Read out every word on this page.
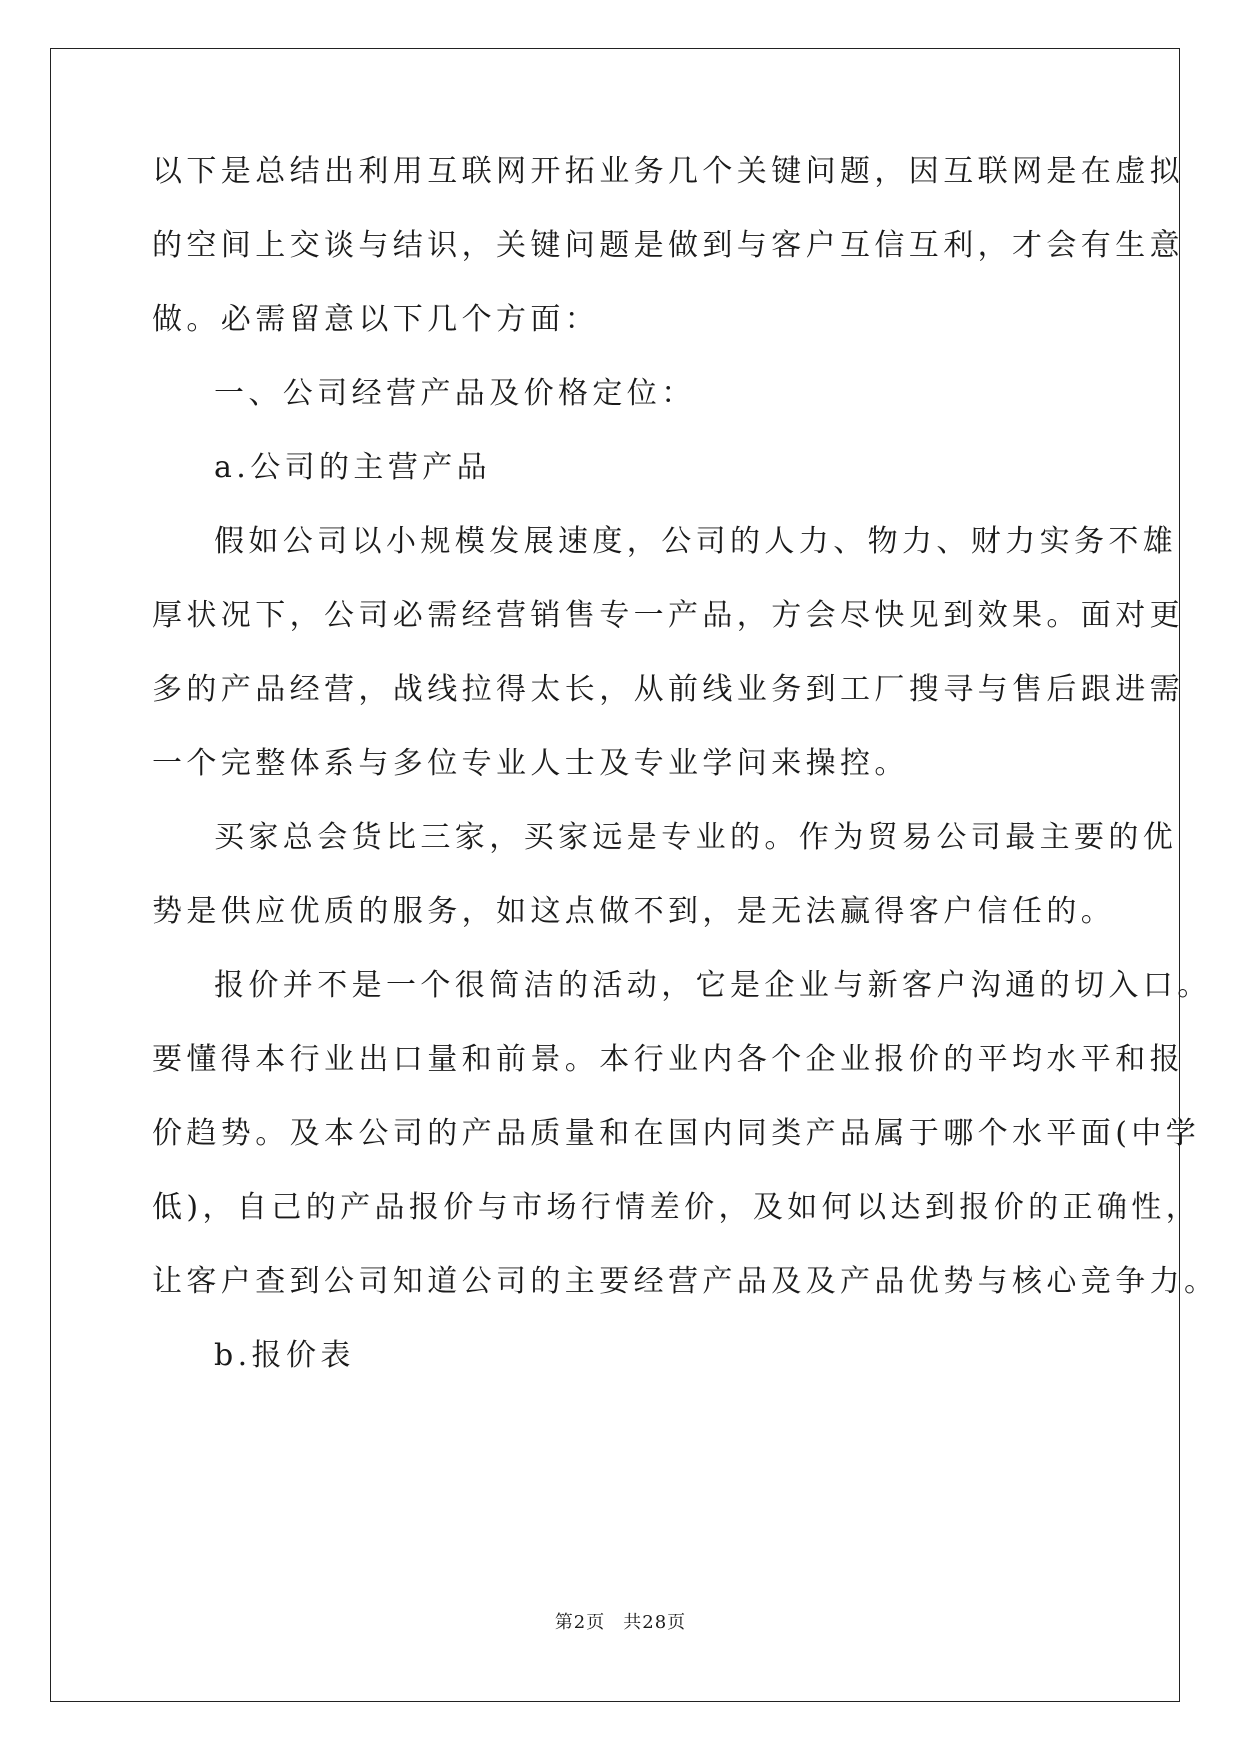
以下是总结出利用互联网开拓业务几个关键问题，因互联网是在虚拟
的空间上交谈与结识，关键问题是做到与客户互信互利，才会有生意
做。必需留意以下几个方面：
一、公司经营产品及价格定位：
a.公司的主营产品
假如公司以小规模发展速度，公司的人力、物力、财力实务不雄
厚状况下，公司必需经营销售专一产品，方会尽快见到效果。面对更
多的产品经营，战线拉得太长，从前线业务到工厂搜寻与售后跟进需
一个完整体系与多位专业人士及专业学问来操控。
买家总会货比三家，买家远是专业的。作为贸易公司最主要的优
势是供应优质的服务，如这点做不到，是无法赢得客户信任的。
报价并不是一个很简洁的活动，它是企业与新客户沟通的切入口。
要懂得本行业出口量和前景。本行业内各个企业报价的平均水平和报
价趋势。及本公司的产品质量和在国内同类产品属于哪个水平面(中学
低)，自己的产品报价与市场行情差价，及如何以达到报价的正确性，
让客户查到公司知道公司的主要经营产品及及产品优势与核心竞争力。
b.报价表
第2页 共28页
